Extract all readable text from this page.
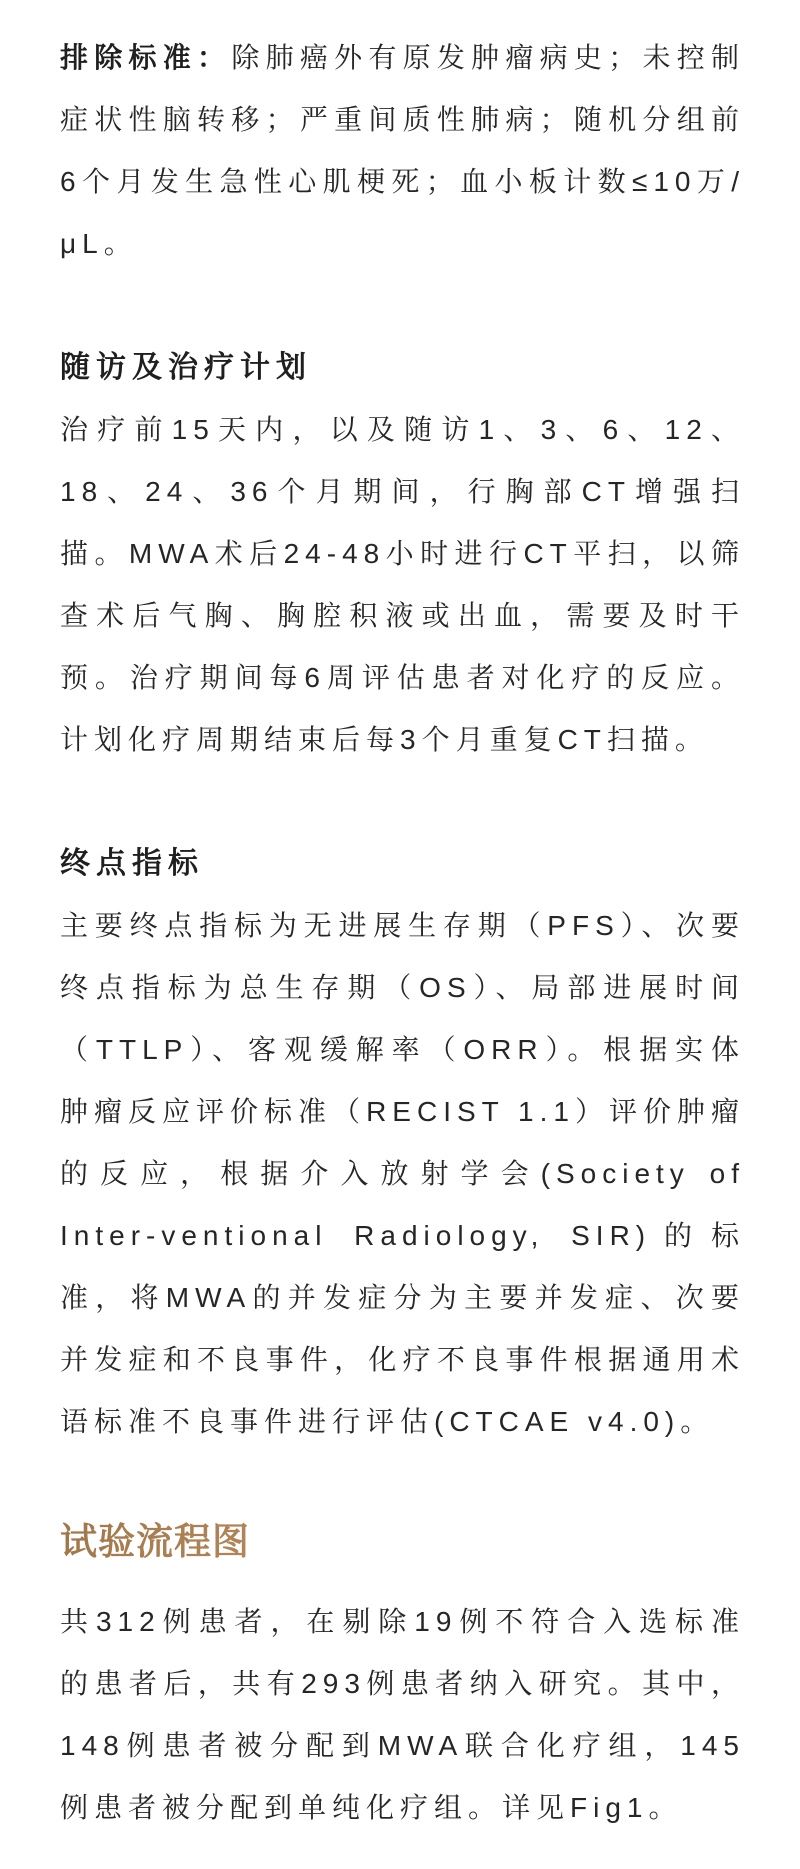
排除标准：除肺癌外有原发肿瘤病史；未控制症状性脑转移；严重间质性肺病；随机分组前6个月发生急性心肌梗死；血小板计数≤10万/μL。

随访及治疗计划

治疗前15天内，以及随访1、3、6、12、18、24、36个月期间，行胸部CT增强扫描。MWA术后24-48小时进行CT平扫，以筛查术后气胸、胸腔积液或出血，需要及时干预。治疗期间每6周评估患者对化疗的反应。计划化疗周期结束后每3个月重复CT扫描。

终点指标

主要终点指标为无进展生存期（PFS）、次要终点指标为总生存期（OS）、局部进展时间（TTLP）、客观缓解率（ORR）。根据实体肿瘤反应评价标准（RECIST 1.1）评价肿瘤的反应，根据介入放射学会(Society of Inter-ventional Radiology, SIR)的标准，将MWA的并发症分为主要并发症、次要并发症和不良事件，化疗不良事件根据通用术语标准不良事件进行评估(CTCAE v4.0)。

试验流程图

共312例患者，在剔除19例不符合入选标准的患者后，共有293例患者纳入研究。其中，148例患者被分配到MWA联合化疗组，145例患者被分配到单纯化疗组。详见Fig1。
